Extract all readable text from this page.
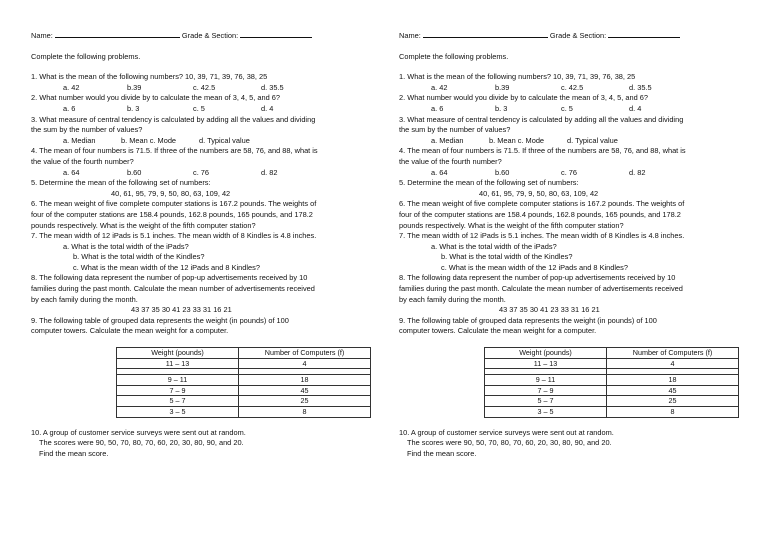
Name:	Grade & Section:
Complete the following problems.
1. What is the mean of the following numbers? 10, 39, 71, 39, 76, 38, 25
a. 42	b.39	c. 42.5	d. 35.5
2. What number would you divide by to calculate the mean of 3, 4, 5, and 6?
a. 6	b. 3	c. 5	d. 4
3. What measure of central tendency is calculated by adding all the values and dividing
the sum by the number of values?
a. Median	b. Mean c. Mode	d. Typical value
4. The mean of four numbers is 71.5. If three of the numbers are 58, 76, and 88, what is
the value of the fourth number?
a. 64	b.60	c. 76	d. 82
5. Determine the mean of the following set of numbers:
40, 61, 95, 79, 9, 50, 80, 63, 109, 42
6. The mean weight of five complete computer stations is 167.2 pounds. The weights of
four of the computer stations are 158.4 pounds, 162.8 pounds, 165 pounds, and 178.2
pounds respectively. What is the weight of the fifth computer station?
7. The mean width of 12 iPads is 5.1 inches. The mean width of 8 Kindles is 4.8 inches.
a. What is the total width of the iPads?
b. What is the total width of the Kindles?
c. What is the mean width of the 12 iPads and 8 Kindles?
8. The following data represent the number of pop-up advertisements received by 10
families during the past month. Calculate the mean number of advertisements received
by each family during the month.
43 37 35 30 41 23 33 31 16 21
9. The following table of grouped data represents the weight (in pounds) of 100
computer towers. Calculate the mean weight for a computer.
Weight (pounds)	Number of Computers (f)
11 – 13	4

9 – 11	18
7 – 9	45
5 – 7	25
3 – 5	8
10. A group of customer service surveys were sent out at random.
The scores were 90, 50, 70, 80, 70, 60, 20, 30, 80, 90, and 20.
Find the mean score.
Name:	Grade & Section:
Complete the following problems.
1. What is the mean of the following numbers? 10, 39, 71, 39, 76, 38, 25
a. 42	b.39	c. 42.5	d. 35.5
2. What number would you divide by to calculate the mean of 3, 4, 5, and 6?
a. 6	b. 3	c. 5	d. 4
3. What measure of central tendency is calculated by adding all the values and dividing
the sum by the number of values?
a. Median	b. Mean c. Mode	d. Typical value
4. The mean of four numbers is 71.5. If three of the numbers are 58, 76, and 88, what is
the value of the fourth number?
a. 64	b.60	c. 76	d. 82
5. Determine the mean of the following set of numbers:
40, 61, 95, 79, 9, 50, 80, 63, 109, 42
6. The mean weight of five complete computer stations is 167.2 pounds. The weights of
four of the computer stations are 158.4 pounds, 162.8 pounds, 165 pounds, and 178.2
pounds respectively. What is the weight of the fifth computer station?
7. The mean width of 12 iPads is 5.1 inches. The mean width of 8 Kindles is 4.8 inches.
a. What is the total width of the iPads?
b. What is the total width of the Kindles?
c. What is the mean width of the 12 iPads and 8 Kindles?
8. The following data represent the number of pop-up advertisements received by 10
families during the past month. Calculate the mean number of advertisements received
by each family during the month.
43 37 35 30 41 23 33 31 16 21
9. The following table of grouped data represents the weight (in pounds) of 100
computer towers. Calculate the mean weight for a computer.
Weight (pounds)	Number of Computers (f)
11 – 13	4

9 – 11	18
7 – 9	45
5 – 7	25
3 – 5	8
10. A group of customer service surveys were sent out at random.
The scores were 90, 50, 70, 80, 70, 60, 20, 30, 80, 90, and 20.
Find the mean score.
